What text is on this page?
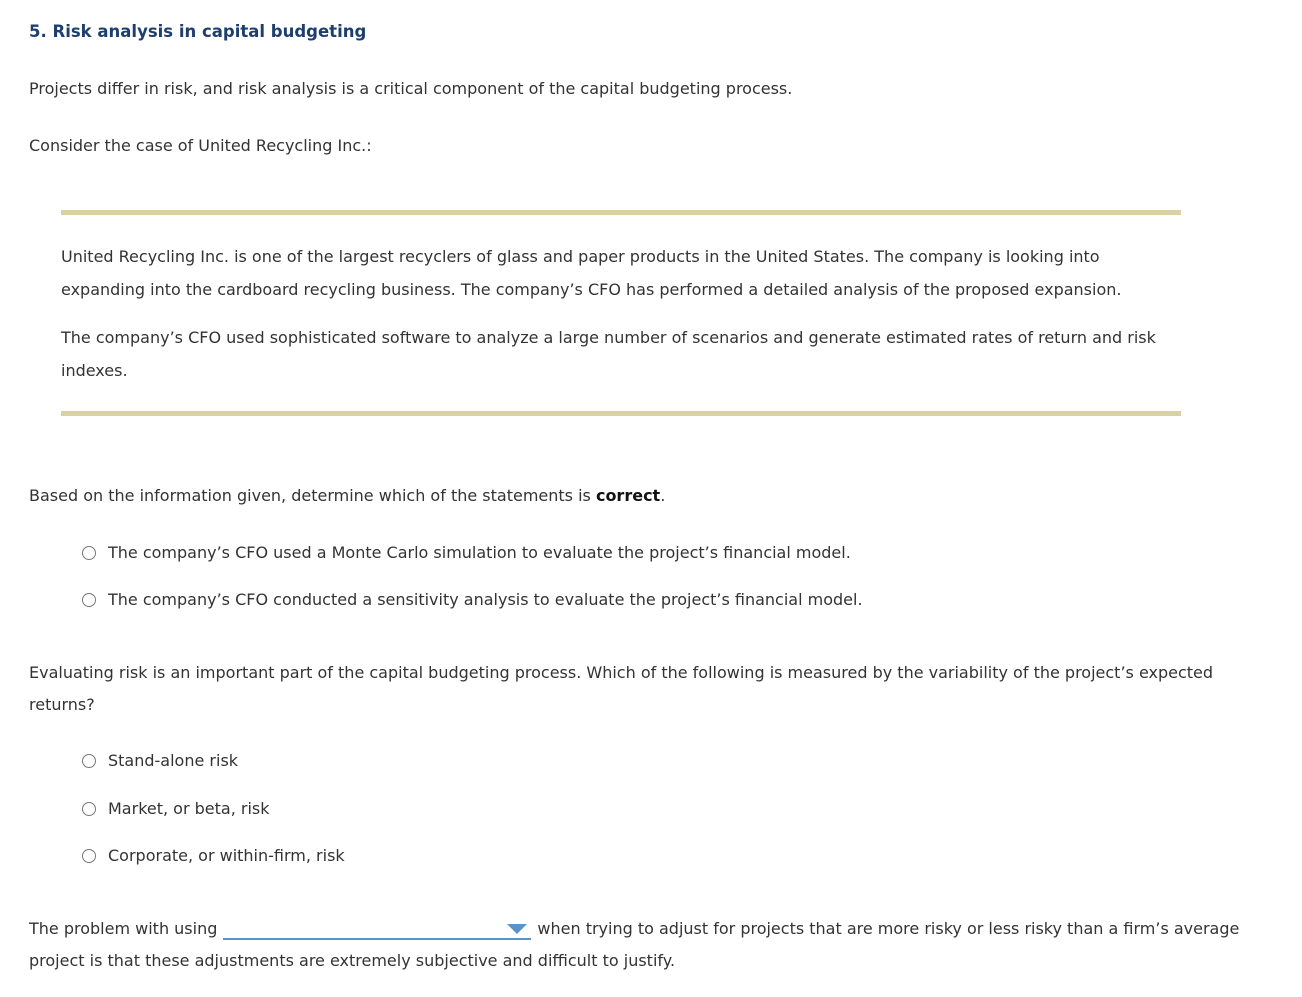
5. Risk analysis in capital budgeting

Projects differ in risk, and risk analysis is a critical component of the capital budgeting process.

Consider the case of United Recycling Inc.:

United Recycling Inc. is one of the largest recyclers of glass and paper products in the United States. The company is looking into
expanding into the cardboard recycling business. The company’s CFO has performed a detailed analysis of the proposed expansion.
The company’s CFO used sophisticated software to analyze a large number of scenarios and generate estimated rates of return and risk
indexes.

Based on the information given, determine which of the statements is correct.

The company’s CFO used a Monte Carlo simulation to evaluate the project’s financial model.
The company’s CFO conducted a sensitivity analysis to evaluate the project’s financial model.
Evaluating risk is an important part of the capital budgeting process. Which of the following is measured by the variability of the project’s expected
returns?
Stand-alone risk
Market, or beta, risk
Corporate, or within-firm, risk
The problem with using	when trying to adjust for projects that are more risky or less risky than a firm’s average
project is that these adjustments are extremely subjective and difficult to justify.
